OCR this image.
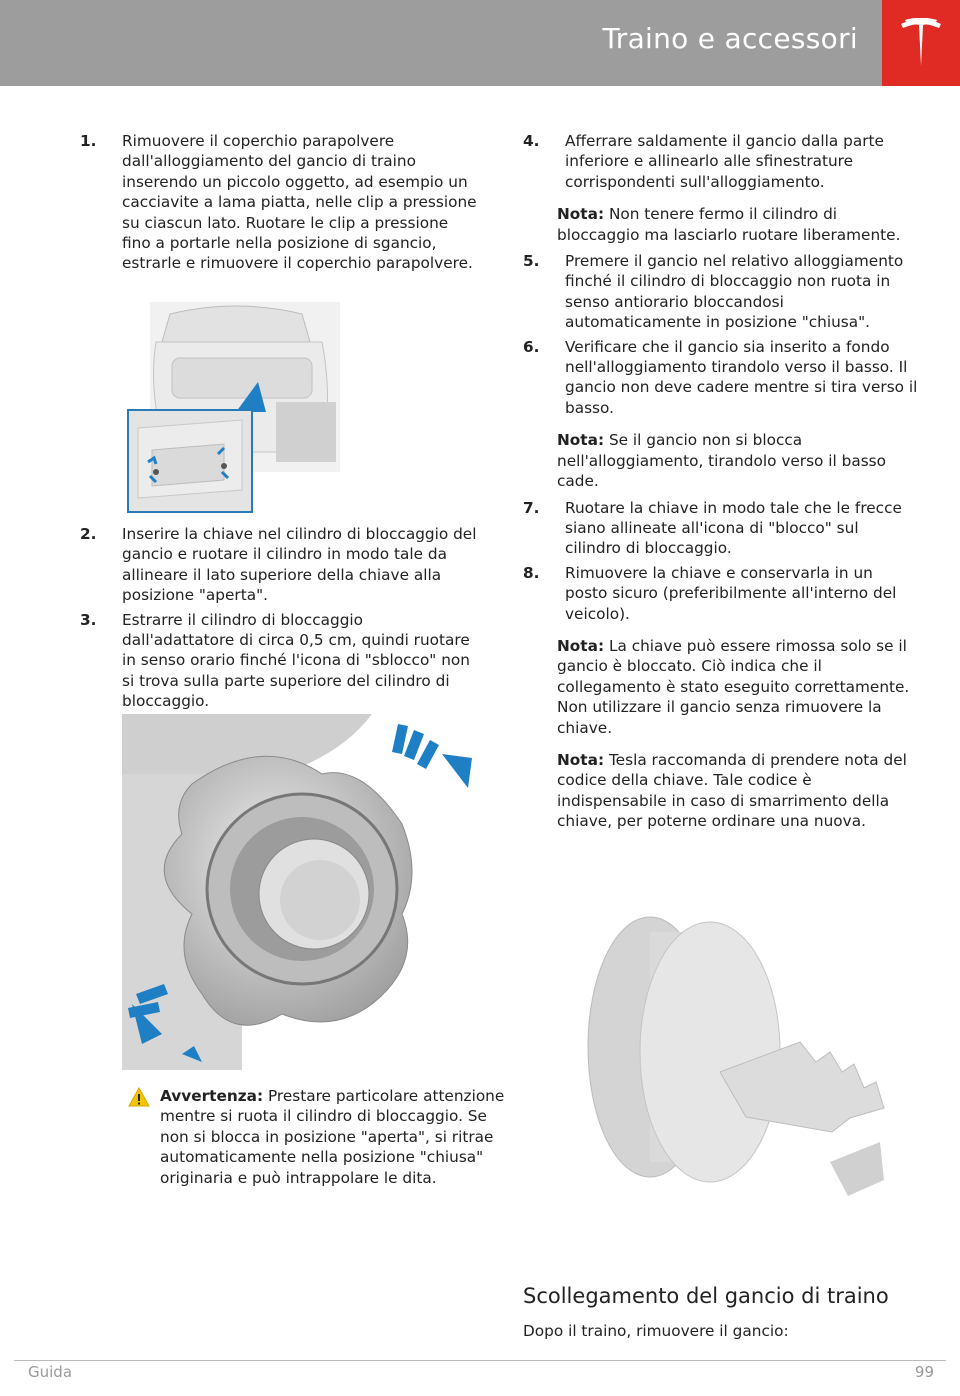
Traino e accessori
1. Rimuovere il coperchio parapolvere dall'alloggiamento del gancio di traino inserendo un piccolo oggetto, ad esempio un cacciavite a lama piatta, nelle clip a pressione su ciascun lato. Ruotare le clip a pressione fino a portarle nella posizione di sgancio, estrarle e rimuovere il coperchio parapolvere.
2. Inserire la chiave nel cilindro di bloccaggio del gancio e ruotare il cilindro in modo tale da allineare il lato superiore della chiave alla posizione "aperta".
3. Estrarre il cilindro di bloccaggio dall'adattatore di circa 0,5 cm, quindi ruotare in senso orario finché l'icona di "sblocco" non si trova sulla parte superiore del cilindro di bloccaggio.
Avvertenza: Prestare particolare attenzione mentre si ruota il cilindro di bloccaggio. Se non si blocca in posizione "aperta", si ritrae automaticamente nella posizione "chiusa" originaria e può intrappolare le dita.
4. Afferrare saldamente il gancio dalla parte inferiore e allinearlo alle sfinestrature corrispondenti sull'alloggiamento.
Nota: Non tenere fermo il cilindro di bloccaggio ma lasciarlo ruotare liberamente.
5. Premere il gancio nel relativo alloggiamento finché il cilindro di bloccaggio non ruota in senso antiorario bloccandosi automaticamente in posizione "chiusa".
6. Verificare che il gancio sia inserito a fondo nell'alloggiamento tirandolo verso il basso. Il gancio non deve cadere mentre si tira verso il basso.
Nota: Se il gancio non si blocca nell'alloggiamento, tirandolo verso il basso cade.
7. Ruotare la chiave in modo tale che le frecce siano allineate all'icona di "blocco" sul cilindro di bloccaggio.
8. Rimuovere la chiave e conservarla in un posto sicuro (preferibilmente all'interno del veicolo).
Nota: La chiave può essere rimossa solo se il gancio è bloccato. Ciò indica che il collegamento è stato eseguito correttamente. Non utilizzare il gancio senza rimuovere la chiave.
Nota: Tesla raccomanda di prendere nota del codice della chiave. Tale codice è indispensabile in caso di smarrimento della chiave, per poterne ordinare una nuova.
Scollegamento del gancio di traino
Dopo il traino, rimuovere il gancio:
Guida	99
